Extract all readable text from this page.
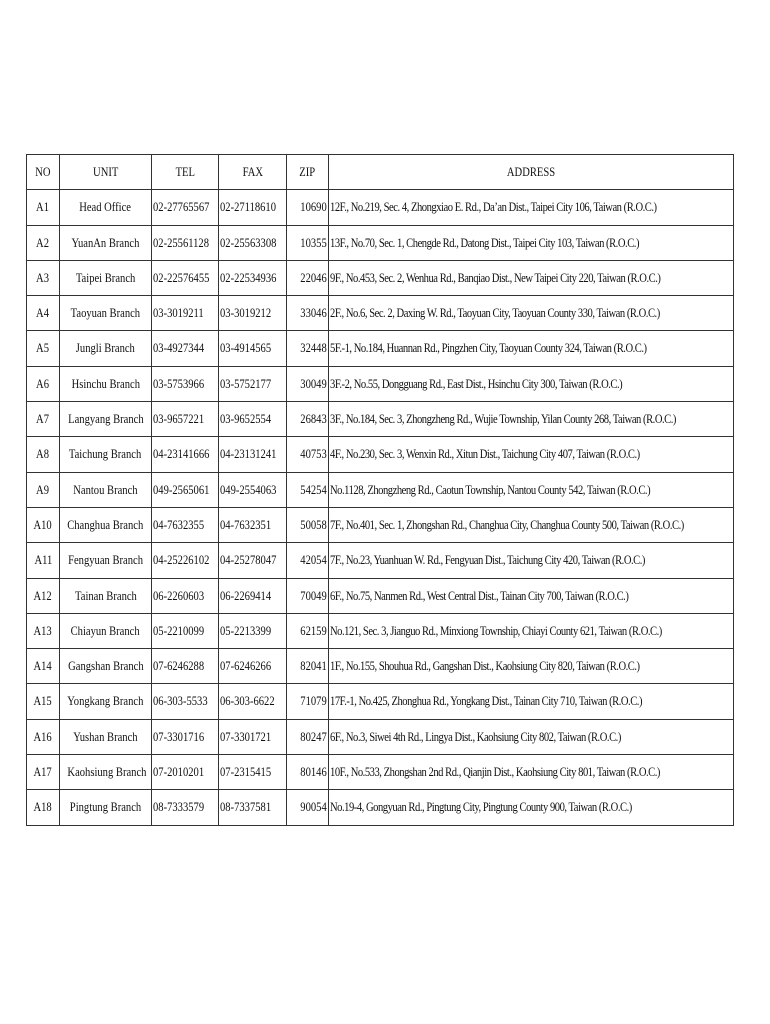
NO	UNIT	TEL	FAX	ZIP	ADDRESS
A1	Head Office	02-27765567	02-27118610	10690	12F., No.219, Sec. 4, Zhongxiao E. Rd., Da’an Dist., Taipei City 106, Taiwan (R.O.C.)
A2	YuanAn Branch	02-25561128	02-25563308	10355	13F., No.70, Sec. 1, Chengde Rd., Datong Dist., Taipei City 103, Taiwan (R.O.C.)
A3	Taipei Branch	02-22576455	02-22534936	22046	9F., No.453, Sec. 2, Wenhua Rd., Banqiao Dist., New Taipei City 220, Taiwan (R.O.C.)
A4	Taoyuan Branch	03-3019211	03-3019212	33046	2F., No.6, Sec. 2, Daxing W. Rd., Taoyuan City, Taoyuan County 330, Taiwan (R.O.C.)
A5	Jungli Branch	03-4927344	03-4914565	32448	5F.-1, No.184, Huannan Rd., Pingzhen City, Taoyuan County 324, Taiwan (R.O.C.)
A6	Hsinchu Branch	03-5753966	03-5752177	30049	3F.-2, No.55, Dongguang Rd., East Dist., Hsinchu City 300, Taiwan (R.O.C.)
A7	Langyang Branch	03-9657221	03-9652554	26843	3F., No.184, Sec. 3, Zhongzheng Rd., Wujie Township, Yilan County 268, Taiwan (R.O.C.)
A8	Taichung Branch	04-23141666	04-23131241	40753	4F., No.230, Sec. 3, Wenxin Rd., Xitun Dist., Taichung City 407, Taiwan (R.O.C.)
A9	Nantou Branch	049-2565061	049-2554063	54254	No.1128, Zhongzheng Rd., Caotun Township, Nantou County 542, Taiwan (R.O.C.)
A10	Changhua Branch	04-7632355	04-7632351	50058	7F., No.401, Sec. 1, Zhongshan Rd., Changhua City, Changhua County 500, Taiwan (R.O.C.)
A11	Fengyuan Branch	04-25226102	04-25278047	42054	7F., No.23, Yuanhuan W. Rd., Fengyuan Dist., Taichung City 420, Taiwan (R.O.C.)
A12	Tainan Branch	06-2260603	06-2269414	70049	6F., No.75, Nanmen Rd., West Central Dist., Tainan City 700, Taiwan (R.O.C.)
A13	Chiayun Branch	05-2210099	05-2213399	62159	No.121, Sec. 3, Jianguo Rd., Minxiong Township, Chiayi County 621, Taiwan (R.O.C.)
A14	Gangshan Branch	07-6246288	07-6246266	82041	1F., No.155, Shouhua Rd., Gangshan Dist., Kaohsiung City 820, Taiwan (R.O.C.)
A15	Yongkang Branch	06-303-5533	06-303-6622	71079	17F.-1, No.425, Zhonghua Rd., Yongkang Dist., Tainan City 710, Taiwan (R.O.C.)
A16	Yushan Branch	07-3301716	07-3301721	80247	6F., No.3, Siwei 4th Rd., Lingya Dist., Kaohsiung City 802, Taiwan (R.O.C.)
A17	Kaohsiung Branch	07-2010201	07-2315415	80146	10F., No.533, Zhongshan 2nd Rd., Qianjin Dist., Kaohsiung City 801, Taiwan (R.O.C.)
A18	Pingtung Branch	08-7333579	08-7337581	90054	No.19-4, Gongyuan Rd., Pingtung City, Pingtung County 900, Taiwan (R.O.C.)
